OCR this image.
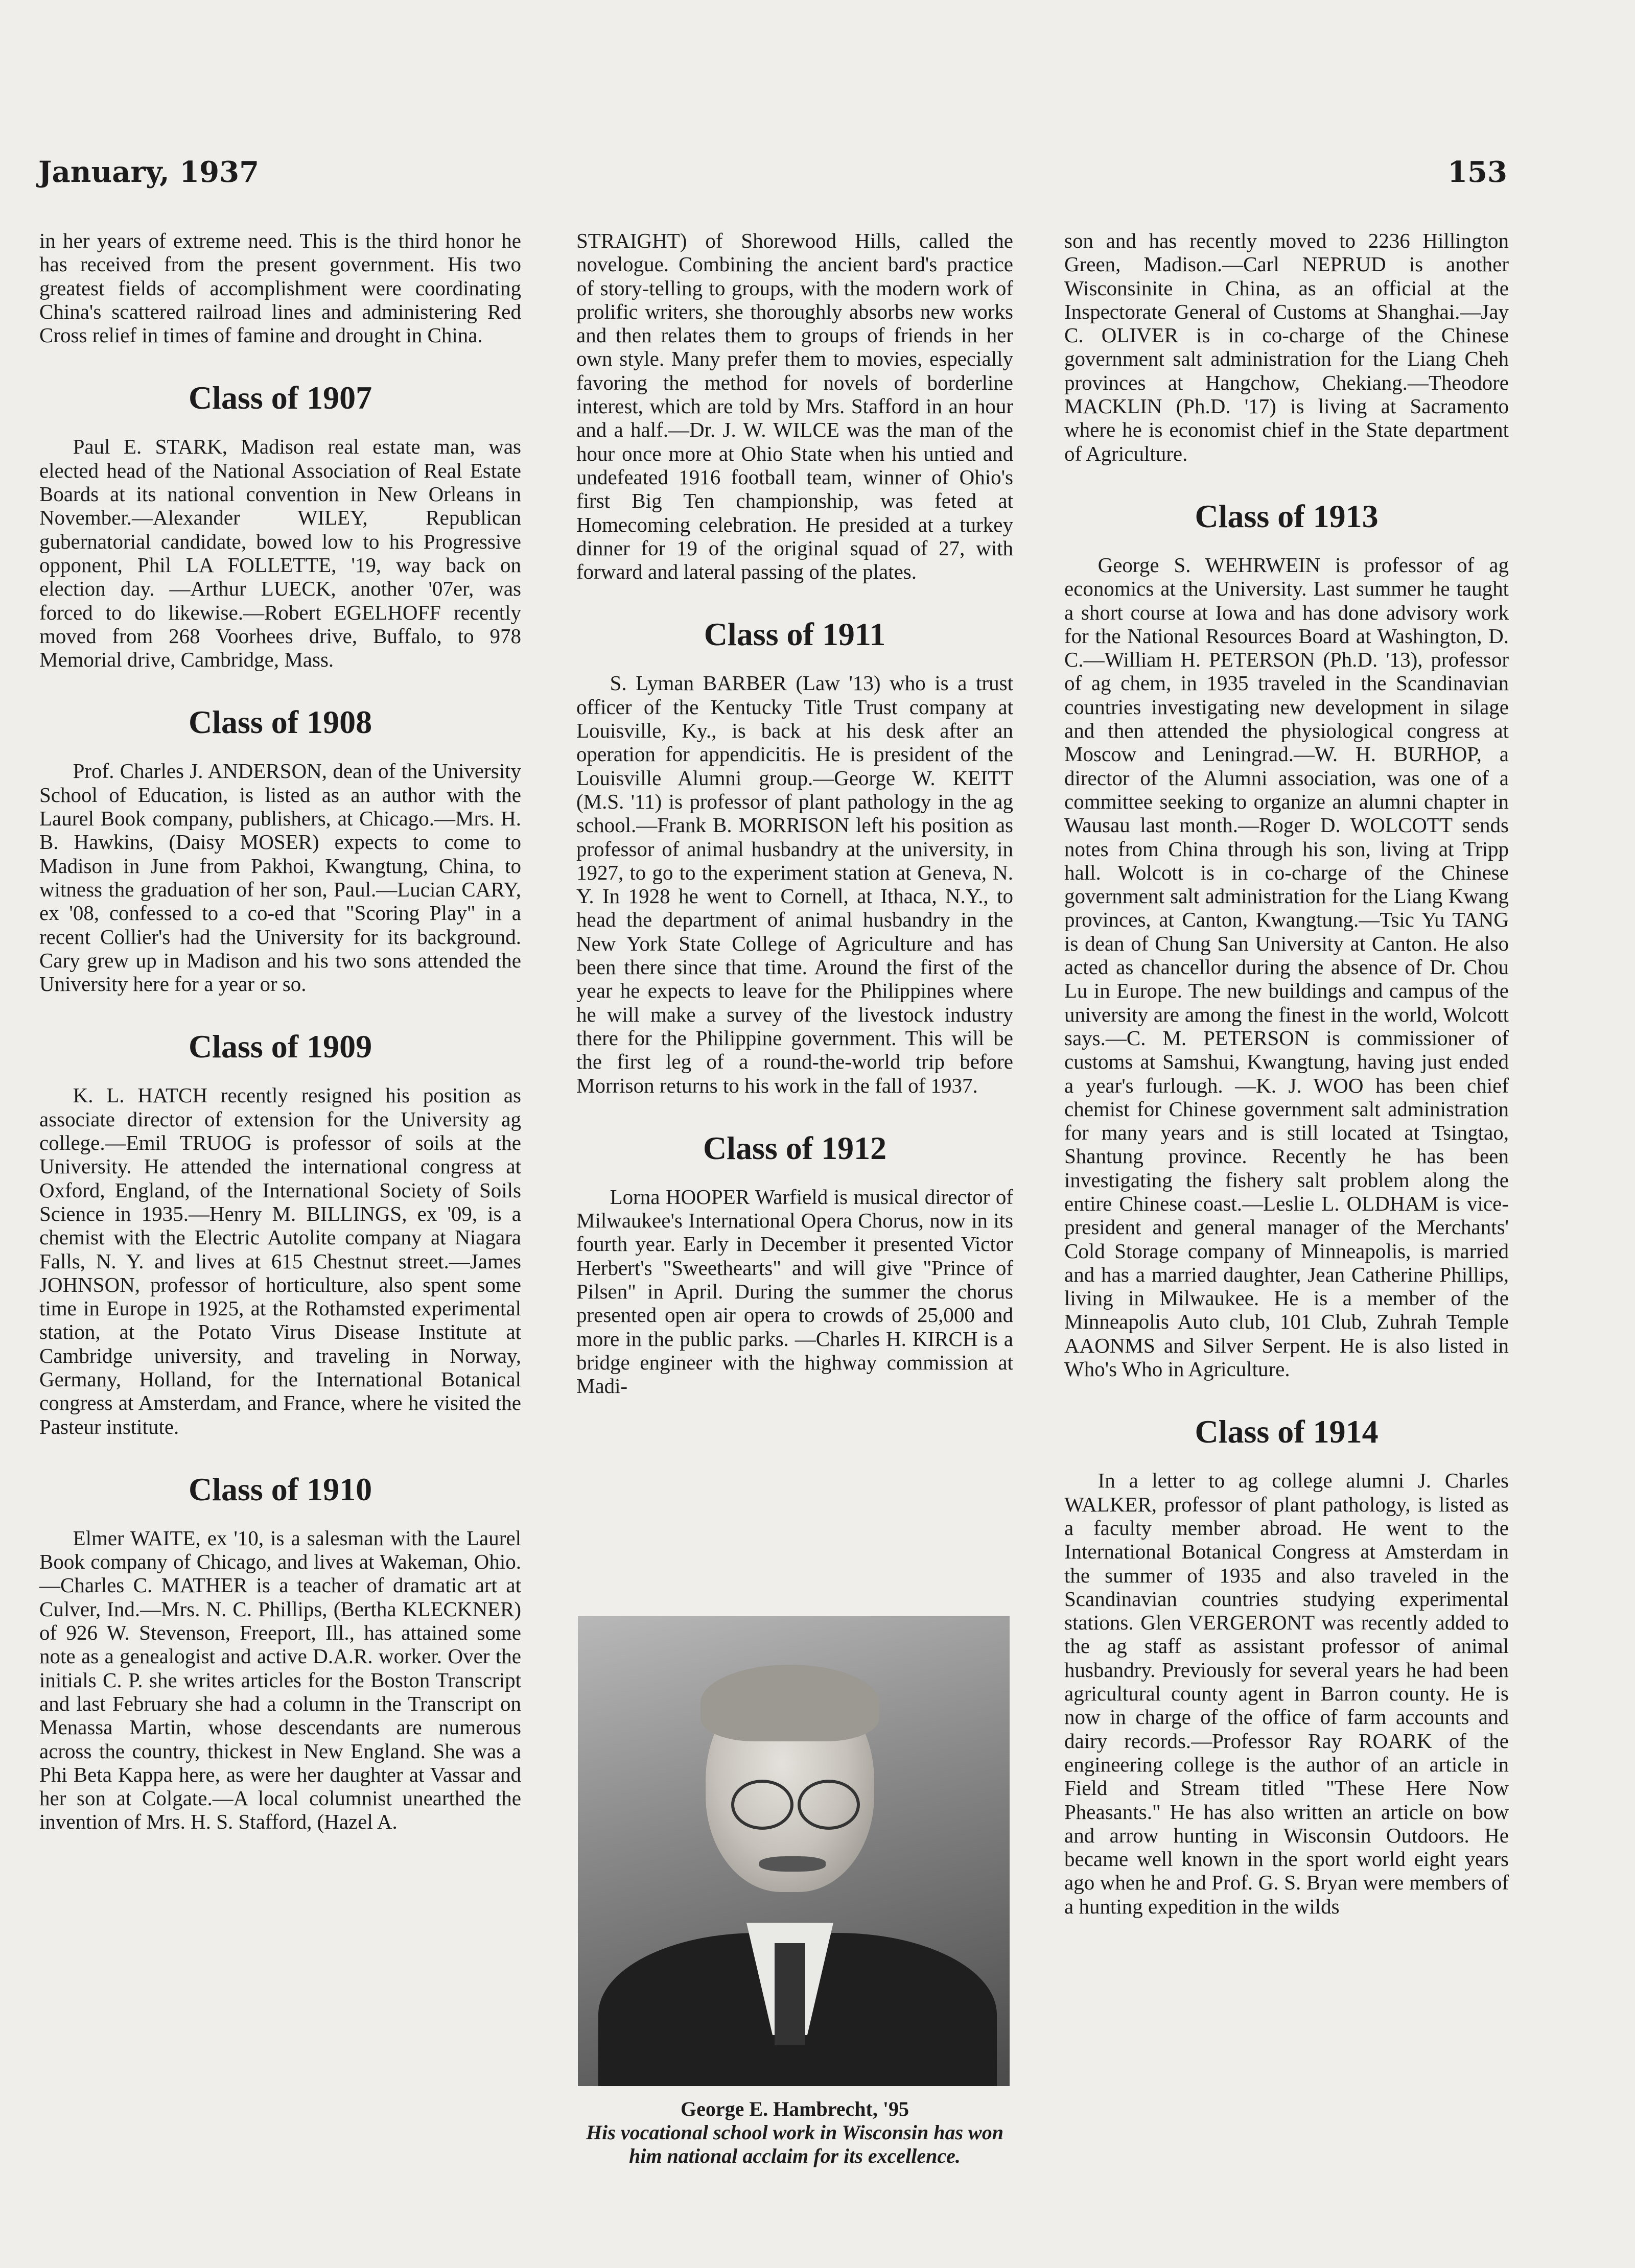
January, 1937	153

in her years of extreme need. This is the third honor he has received from the present government. His two greatest fields of accomplishment were coordinating China's scattered railroad lines and administering Red Cross relief in times of famine and drought in China.

Class of 1907

Paul E. STARK, Madison real estate man, was elected head of the National Association of Real Estate Boards at its national convention in New Orleans in November.—Alexander WILEY, Republican gubernatorial candidate, bowed low to his Progressive opponent, Phil LA FOLLETTE, '19, way back on election day. —Arthur LUECK, another '07er, was forced to do likewise.—Robert EGELHOFF recently moved from 268 Voorhees drive, Buffalo, to 978 Memorial drive, Cambridge, Mass.

Class of 1908

Prof. Charles J. ANDERSON, dean of the University School of Education, is listed as an author with the Laurel Book company, publishers, at Chicago.—Mrs. H. B. Hawkins, (Daisy MOSER) expects to come to Madison in June from Pakhoi, Kwangtung, China, to witness the graduation of her son, Paul.—Lucian CARY, ex '08, confessed to a co-ed that "Scoring Play" in a recent Collier's had the University for its background. Cary grew up in Madison and his two sons attended the University here for a year or so.

Class of 1909

K. L. HATCH recently resigned his position as associate director of extension for the University ag college.—Emil TRUOG is professor of soils at the University. He attended the international congress at Oxford, England, of the International Society of Soils Science in 1935.—Henry M. BILLINGS, ex '09, is a chemist with the Electric Autolite company at Niagara Falls, N. Y. and lives at 615 Chestnut street.—James JOHNSON, professor of horticulture, also spent some time in Europe in 1925, at the Rothamsted experimental station, at the Potato Virus Disease Institute at Cambridge university, and traveling in Norway, Germany, Holland, for the International Botanical congress at Amsterdam, and France, where he visited the Pasteur institute.

Class of 1910

Elmer WAITE, ex '10, is a salesman with the Laurel Book company of Chicago, and lives at Wakeman, Ohio.—Charles C. MATHER is a teacher of dramatic art at Culver, Ind.—Mrs. N. C. Phillips, (Bertha KLECKNER) of 926 W. Stevenson, Freeport, Ill., has attained some note as a genealogist and active D.A.R. worker. Over the initials C. P. she writes articles for the Boston Transcript and last February she had a column in the Transcript on Menassa Martin, whose descendants are numerous across the country, thickest in New England. She was a Phi Beta Kappa here, as were her daughter at Vassar and her son at Colgate.—A local columnist unearthed the invention of Mrs. H. S. Stafford, (Hazel A.

STRAIGHT) of Shorewood Hills, called the novelogue. Combining the ancient bard's practice of story-telling to groups, with the modern work of prolific writers, she thoroughly absorbs new works and then relates them to groups of friends in her own style. Many prefer them to movies, especially favoring the method for novels of borderline interest, which are told by Mrs. Stafford in an hour and a half.—Dr. J. W. WILCE was the man of the hour once more at Ohio State when his untied and undefeated 1916 football team, winner of Ohio's first Big Ten championship, was feted at Homecoming celebration. He presided at a turkey dinner for 19 of the original squad of 27, with forward and lateral passing of the plates.

Class of 1911

S. Lyman BARBER (Law '13) who is a trust officer of the Kentucky Title Trust company at Louisville, Ky., is back at his desk after an operation for appendicitis. He is president of the Louisville Alumni group.—George W. KEITT (M.S. '11) is professor of plant pathology in the ag school.—Frank B. MORRISON left his position as professor of animal husbandry at the university, in 1927, to go to the experiment station at Geneva, N. Y. In 1928 he went to Cornell, at Ithaca, N.Y., to head the department of animal husbandry in the New York State College of Agriculture and has been there since that time. Around the first of the year he expects to leave for the Philippines where he will make a survey of the livestock industry there for the Philippine government. This will be the first leg of a round-the-world trip before Morrison returns to his work in the fall of 1937.

Class of 1912

Lorna HOOPER Warfield is musical director of Milwaukee's International Opera Chorus, now in its fourth year. Early in December it presented Victor Herbert's "Sweethearts" and will give "Prince of Pilsen" in April. During the summer the chorus presented open air opera to crowds of 25,000 and more in the public parks. —Charles H. KIRCH is a bridge engineer with the highway commission at Madi-

George E. Hambrecht, '95
His vocational school work in Wisconsin has won him national acclaim for its excellence.

son and has recently moved to 2236 Hillington Green, Madison.—Carl NEPRUD is another Wisconsinite in China, as an official at the Inspectorate General of Customs at Shanghai.—Jay C. OLIVER is in co-charge of the Chinese government salt administration for the Liang Cheh provinces at Hangchow, Chekiang.—Theodore MACKLIN (Ph.D. '17) is living at Sacramento where he is economist chief in the State department of Agriculture.

Class of 1913

George S. WEHRWEIN is professor of ag economics at the University. Last summer he taught a short course at Iowa and has done advisory work for the National Resources Board at Washington, D. C.—William H. PETERSON (Ph.D. '13), professor of ag chem, in 1935 traveled in the Scandinavian countries investigating new development in silage and then attended the physiological congress at Moscow and Leningrad.—W. H. BURHOP, a director of the Alumni association, was one of a committee seeking to organize an alumni chapter in Wausau last month.—Roger D. WOLCOTT sends notes from China through his son, living at Tripp hall. Wolcott is in co-charge of the Chinese government salt administration for the Liang Kwang provinces, at Canton, Kwangtung.—Tsic Yu TANG is dean of Chung San University at Canton. He also acted as chancellor during the absence of Dr. Chou Lu in Europe. The new buildings and campus of the university are among the finest in the world, Wolcott says.—C. M. PETERSON is commissioner of customs at Samshui, Kwangtung, having just ended a year's furlough. —K. J. WOO has been chief chemist for Chinese government salt administration for many years and is still located at Tsingtao, Shantung province. Recently he has been investigating the fishery salt problem along the entire Chinese coast.—Leslie L. OLDHAM is vice-president and general manager of the Merchants' Cold Storage company of Minneapolis, is married and has a married daughter, Jean Catherine Phillips, living in Milwaukee. He is a member of the Minneapolis Auto club, 101 Club, Zuhrah Temple AAONMS and Silver Serpent. He is also listed in Who's Who in Agriculture.

Class of 1914

In a letter to ag college alumni J. Charles WALKER, professor of plant pathology, is listed as a faculty member abroad. He went to the International Botanical Congress at Amsterdam in the summer of 1935 and also traveled in the Scandinavian countries studying experimental stations. Glen VERGERONT was recently added to the ag staff as assistant professor of animal husbandry. Previously for several years he had been agricultural county agent in Barron county. He is now in charge of the office of farm accounts and dairy records.—Professor Ray ROARK of the engineering college is the author of an article in Field and Stream titled "These Here Now Pheasants." He has also written an article on bow and arrow hunting in Wisconsin Outdoors. He became well known in the sport world eight years ago when he and Prof. G. S. Bryan were members of a hunting expedition in the wilds
